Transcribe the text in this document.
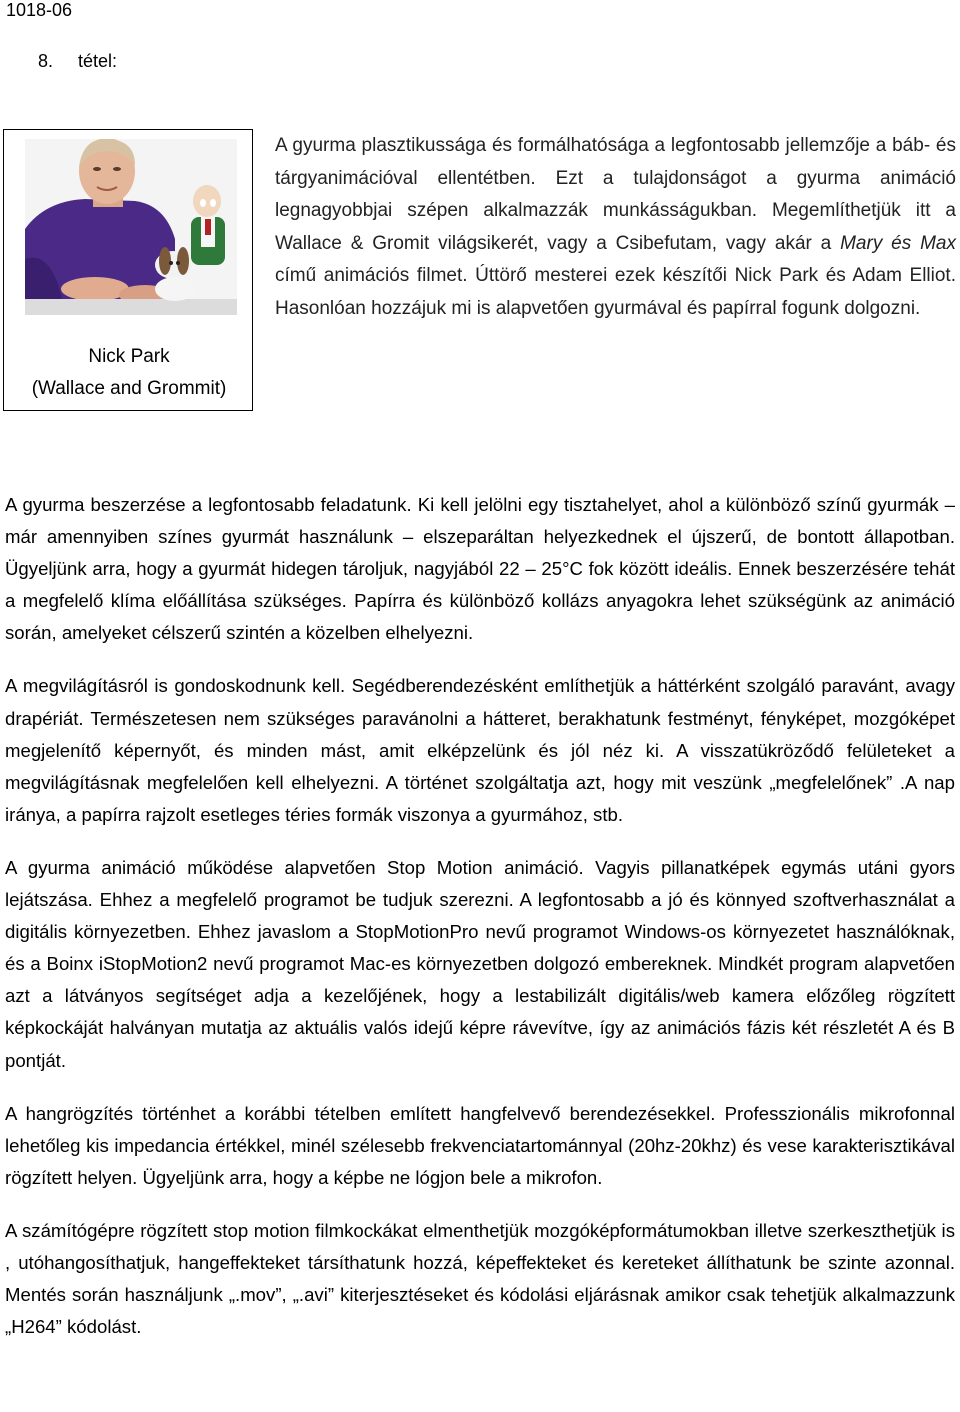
1018-06
8. tétel:
Nick Park
(Wallace and Grommit)
A gyurma plasztikussága és formálhatósága a legfontosabb jellemzője a báb- és tárgyanimációval ellentétben. Ezt a tulajdonságot a gyurma animáció legnagyobbjai szépen alkalmazzák munkásságukban. Megemlíthetjük itt a Wallace & Gromit világsikerét, vagy a Csibefutam, vagy akár a Mary és Max című animációs filmet. Úttörő mesterei ezek készítői Nick Park és Adam Elliot. Hasonlóan hozzájuk mi is alapvetően gyurmával és papírral fogunk dolgozni.

A gyurma beszerzése a legfontosabb feladatunk. Ki kell jelölni egy tisztahelyet, ahol a különböző színű gyurmák –már amennyiben színes gyurmát használunk – elszeparáltan helyezkednek el újszerű, de bontott állapotban. Ügyeljünk arra, hogy a gyurmát hidegen tároljuk, nagyjából 22 – 25°C fok között ideális. Ennek beszerzésére tehát a megfelelő klíma előállítása szükséges. Papírra és különböző kollázs anyagokra lehet szükségünk az animáció során, amelyeket célszerű szintén a közelben elhelyezni.

A megvilágításról is gondoskodnunk kell. Segédberendezésként említhetjük a háttérként szolgáló paravánt, avagy drapériát. Természetesen nem szükséges paravánolni a hátteret, berakhatunk festményt, fényképet, mozgóképet megjelenítő képernyőt, és minden mást, amit elképzelünk és jól néz ki. A visszatükröződő felületeket a megvilágításnak megfelelően kell elhelyezni. A történet szolgáltatja azt, hogy mit veszünk „megfelelőnek” .A nap iránya, a papírra rajzolt esetleges téries formák viszonya a gyurmához, stb.

A gyurma animáció működése alapvetően Stop Motion animáció. Vagyis pillanatképek egymás utáni gyors lejátszása. Ehhez a megfelelő programot be tudjuk szerezni. A legfontosabb a jó és könnyed szoftverhasználat a digitális környezetben. Ehhez javaslom a StopMotionPro nevű programot Windows-os környezetet használóknak, és a Boinx iStopMotion2 nevű programot Mac-es környezetben dolgozó embereknek. Mindkét program alapvetően azt a látványos segítséget adja a kezelőjének, hogy a lestabilizált digitális/web kamera előzőleg rögzített képkockáját halványan mutatja az aktuális valós idejű képre rávevítve, így az animációs fázis két részletét A és B pontját.

A hangrögzítés történhet a korábbi tételben említett hangfelvevő berendezésekkel. Professzionális mikrofonnal lehetőleg kis impedancia értékkel, minél szélesebb frekvenciatartománnyal (20hz-20khz) és vese karakterisztikával rögzített helyen. Ügyeljünk arra, hogy a képbe ne lógjon bele a mikrofon.

A számítógépre rögzített stop motion filmkockákat elmenthetjük mozgóképformátumokban illetve szerkeszthetjük is , utóhangosíthatjuk, hangeffekteket társíthatunk hozzá, képeffekteket és kereteket állíthatunk be szinte azonnal. Mentés során használjunk „.mov”, „.avi” kiterjesztéseket és kódolási eljárásnak amikor csak tehetjük alkalmazzunk „H264” kódolást.
